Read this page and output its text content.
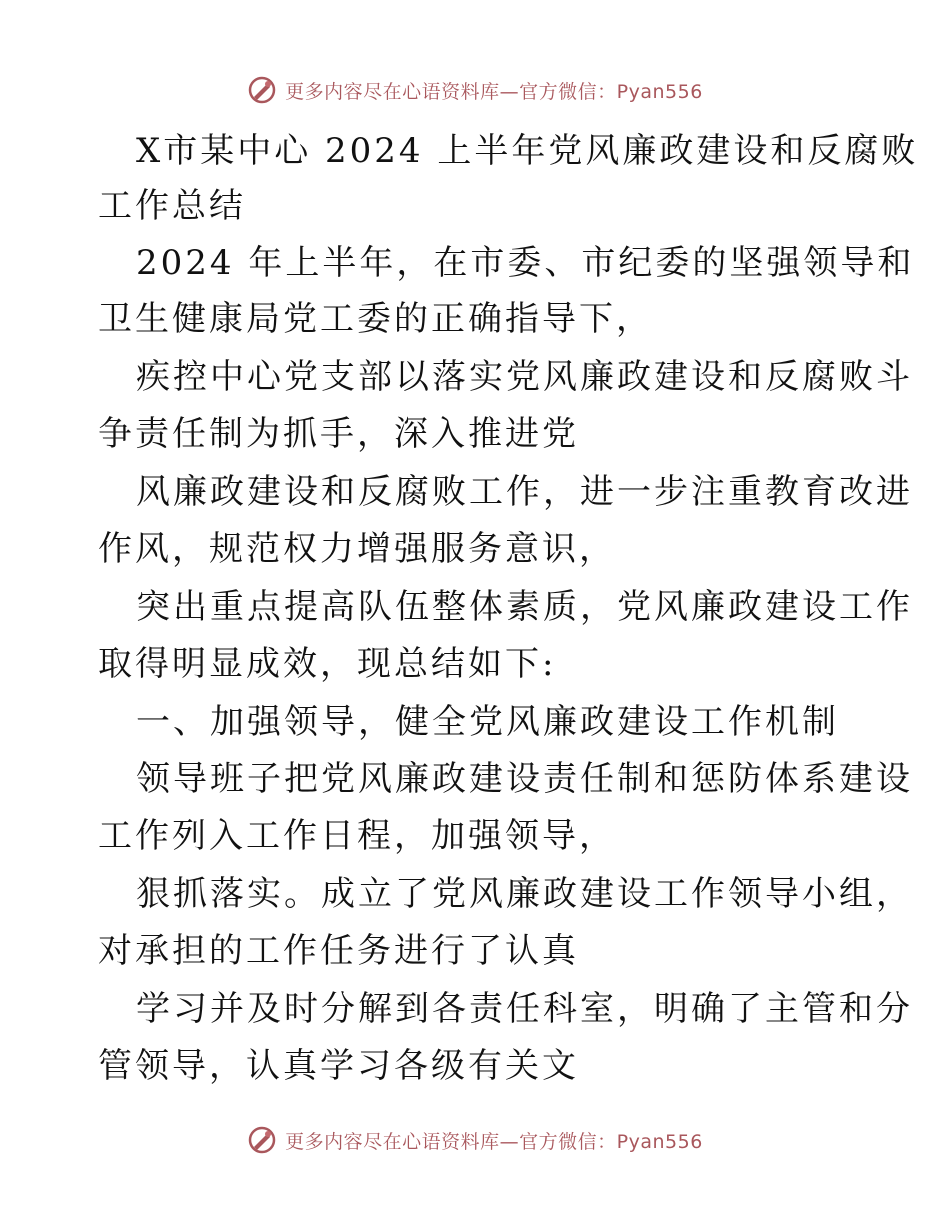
更多内容尽在心语资料库—官方微信：Pyan556
X市某中心 2024 上半年党风廉政建设和反腐败
工作总结
2024 年上半年，在市委、市纪委的坚强领导和
卫生健康局党工委的正确指导下，
疾控中心党支部以落实党风廉政建设和反腐败斗
争责任制为抓手，深入推进党
风廉政建设和反腐败工作，进一步注重教育改进
作风，规范权力增强服务意识，
突出重点提高队伍整体素质，党风廉政建设工作
取得明显成效，现总结如下:
一、加强领导，健全党风廉政建设工作机制
领导班子把党风廉政建设责任制和惩防体系建设
工作列入工作日程，加强领导，
狠抓落实。成立了党风廉政建设工作领导小组，
对承担的工作任务进行了认真
学习并及时分解到各责任科室，明确了主管和分
管领导，认真学习各级有关文
更多内容尽在心语资料库—官方微信：Pyan556
